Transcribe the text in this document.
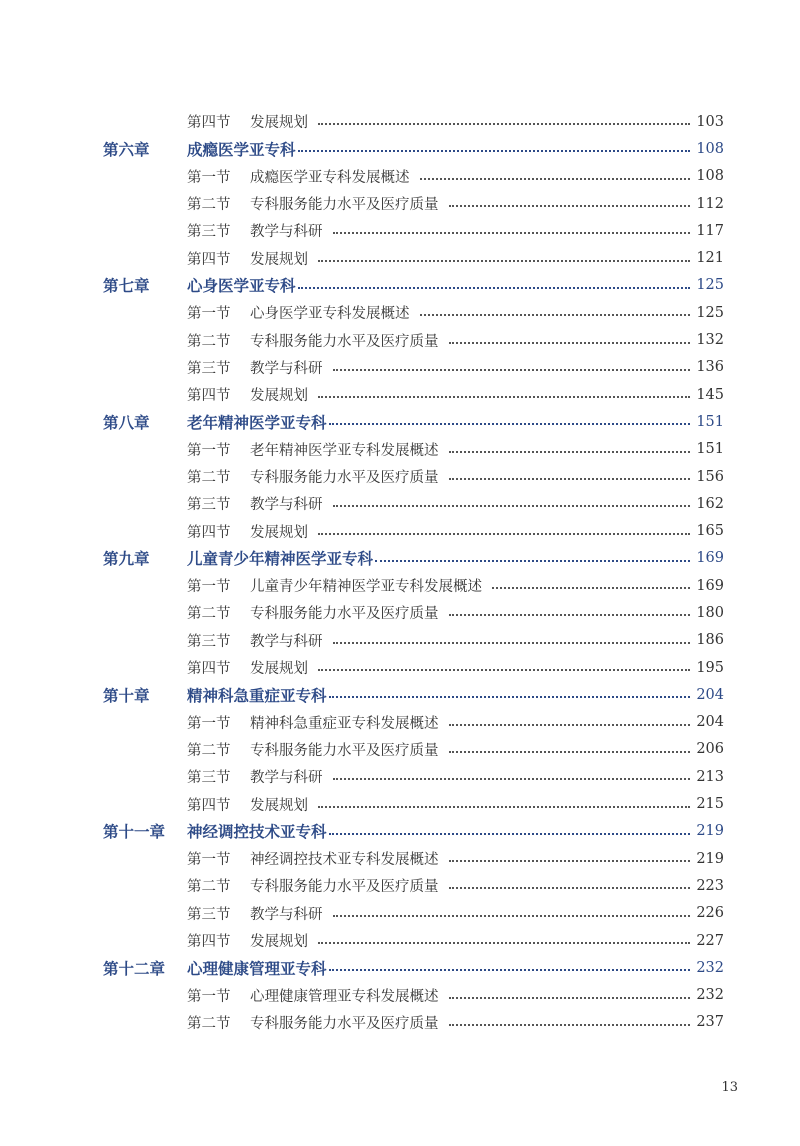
第四节 发展规划	103
第六章 成瘾医学亚专科	108
第一节 成瘾医学亚专科发展概述	108
第二节 专科服务能力水平及医疗质量	112
第三节 教学与科研	117
第四节 发展规划	121
第七章 心身医学亚专科	125
第一节 心身医学亚专科发展概述	125
第二节 专科服务能力水平及医疗质量	132
第三节 教学与科研	136
第四节 发展规划	145
第八章 老年精神医学亚专科	151
第一节 老年精神医学亚专科发展概述	151
第二节 专科服务能力水平及医疗质量	156
第三节 教学与科研	162
第四节 发展规划	165
第九章 儿童青少年精神医学亚专科	169
第一节 儿童青少年精神医学亚专科发展概述	169
第二节 专科服务能力水平及医疗质量	180
第三节 教学与科研	186
第四节 发展规划	195
第十章 精神科急重症亚专科	204
第一节 精神科急重症亚专科发展概述	204
第二节 专科服务能力水平及医疗质量	206
第三节 教学与科研	213
第四节 发展规划	215
第十一章 神经调控技术亚专科	219
第一节 神经调控技术亚专科发展概述	219
第二节 专科服务能力水平及医疗质量	223
第三节 教学与科研	226
第四节 发展规划	227
第十二章 心理健康管理亚专科	232
第一节 心理健康管理亚专科发展概述	232
第二节 专科服务能力水平及医疗质量	237
13
